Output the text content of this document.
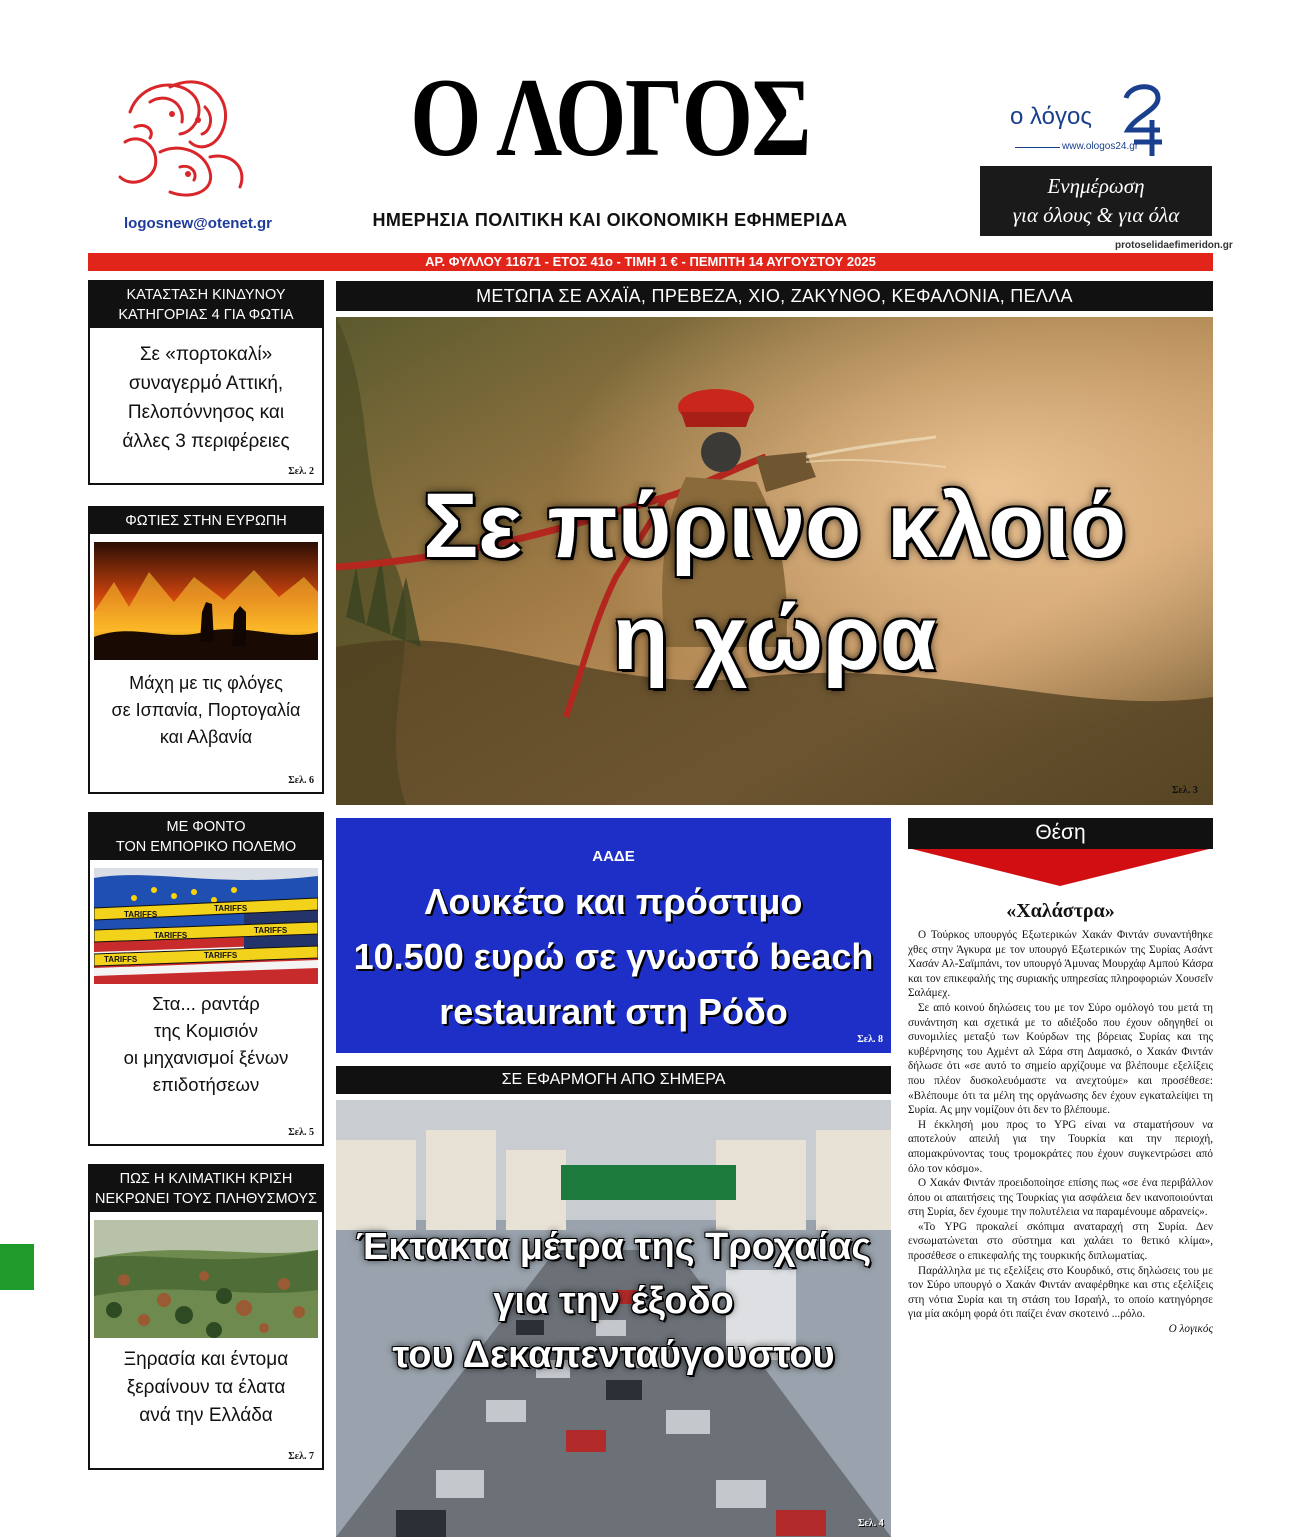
logosnew@otenet.gr
Ο ΛΟΓΟΣ
ΗΜΕΡΗΣΙΑ ΠΟΛΙΤΙΚΗ ΚΑΙ ΟΙΚΟΝΟΜΙΚΗ ΕΦΗΜΕΡΙΔΑ
ο λόγος
www.ologos24.gr
Ενημέρωση
για όλους & για όλα
protoselidaefimeridon.gr
ΑΡ. ΦΥΛΛΟΥ 11671 - ΕΤΟΣ 41ο - ΤΙΜΗ 1 € - ΠΕΜΠΤΗ 14 ΑΥΓΟΥΣΤΟΥ 2025
ΚΑΤΑΣΤΑΣΗ ΚΙΝΔΥΝΟΥ
ΚΑΤΗΓΟΡΙΑΣ 4 ΓΙΑ ΦΩΤΙΑ
Σε «πορτοκαλί»
συναγερμό Αττική,
Πελοπόννησος και
άλλες 3 περιφέρειες
Σελ. 2
ΦΩΤΙΕΣ ΣΤΗΝ ΕΥΡΩΠΗ
Μάχη με τις φλόγες
σε Ισπανία, Πορτογαλία
και Αλβανία
Σελ. 6
ΜΕ ΦΟΝΤΟ
ΤΟΝ ΕΜΠΟΡΙΚΟ ΠΟΛΕΜΟ
TARIFFS
TARIFFS
TARIFFS
TARIFFS
TARIFFS	TARIFFS
Στα... ραντάρ
της Κομισιόν
οι μηχανισμοί ξένων
επιδοτήσεων
Σελ. 5
ΠΩΣ Η ΚΛΙΜΑΤΙΚΗ ΚΡΙΣΗ
ΝΕΚΡΩΝΕΙ ΤΟΥΣ ΠΛΗΘΥΣΜΟΥΣ
Ξηρασία και έντομα
ξεραίνουν τα έλατα
ανά την Ελλάδα
Σελ. 7
ΜΕΤΩΠΑ ΣΕ ΑΧΑΪΑ, ΠΡΕΒΕΖΑ, ΧΙΟ, ΖΑΚΥΝΘΟ, ΚΕΦΑΛΟΝΙΑ, ΠΕΛΛΑ
Σε πύρινο κλοιό
η χώρα
Σελ. 3
ΑΑΔΕ
Λουκέτο και πρόστιμο
10.500 ευρώ σε γνωστό beach
restaurant στη Ρόδο
Σελ. 8
ΣΕ ΕΦΑΡΜΟΓΗ ΑΠΟ ΣΗΜΕΡΑ
Έκτακτα μέτρα της Τροχαίας
για την έξοδο
του Δεκαπενταύγουστου
Σελ. 4
Θέση
«Χαλάστρα»

Ο Τούρκος υπουργός Εξωτερικών Χακάν Φιντάν συναντήθηκε χθες στην Άγκυρα με τον υπουργό Εξωτερικών της Συρίας Ασάντ Χασάν Αλ-Σαϊμπάνι, τον υπουργό Άμυνας Μουρχάφ Αμπού Κάσρα και τον επικεφαλής της συριακής υπηρεσίας πληροφοριών Χουσεΐν Σαλάμεχ.

Σε από κοινού δηλώσεις του με τον Σύρο ομόλογό του μετά τη συνάντηση και σχετικά με το αδιέξοδο που έχουν οδηγηθεί οι συνομιλίες μεταξύ των Κούρδων της βόρειας Συρίας και της κυβέρνησης του Αχμέντ αλ Σάρα στη Δαμασκό, ο Χακάν Φιντάν δήλωσε ότι «σε αυτό το σημείο αρχίζουμε να βλέπουμε εξελίξεις που πλέον δυσκολευόμαστε να ανεχτούμε» και προσέθεσε: «Βλέπουμε ότι τα μέλη της οργάνωσης δεν έχουν εγκαταλείψει τη Συρία. Ας μην νομίζουν ότι δεν το βλέπουμε.

Η έκκλησή μου προς το YPG είναι να σταματήσουν να αποτελούν απειλή για την Τουρκία και την περιοχή, απομακρύνοντας τους τρομοκράτες που έχουν συγκεντρώσει από όλο τον κόσμο».

Ο Χακάν Φιντάν προειδοποίησε επίσης πως «σε ένα περιβάλλον όπου οι απαιτήσεις της Τουρκίας για ασφάλεια δεν ικανοποιούνται στη Συρία, δεν έχουμε την πολυτέλεια να παραμένουμε αδρανείς».

«Το YPG προκαλεί σκόπιμα αναταραχή στη Συρία. Δεν ενσωματώνεται στο σύστημα και χαλάει το θετικό κλίμα», προσέθεσε ο επικεφαλής της τουρκικής διπλωματίας.

Παράλληλα με τις εξελίξεις στο Κουρδικό, στις δηλώσεις του με τον Σύρο υπουργό ο Χακάν Φιντάν αναφέρθηκε και στις εξελίξεις στη νότια Συρία και τη στάση του Ισραήλ, το οποίο κατηγόρησε για μία ακόμη φορά ότι παίζει έναν σκοτεινό ...ρόλο.

Ο λογικός
